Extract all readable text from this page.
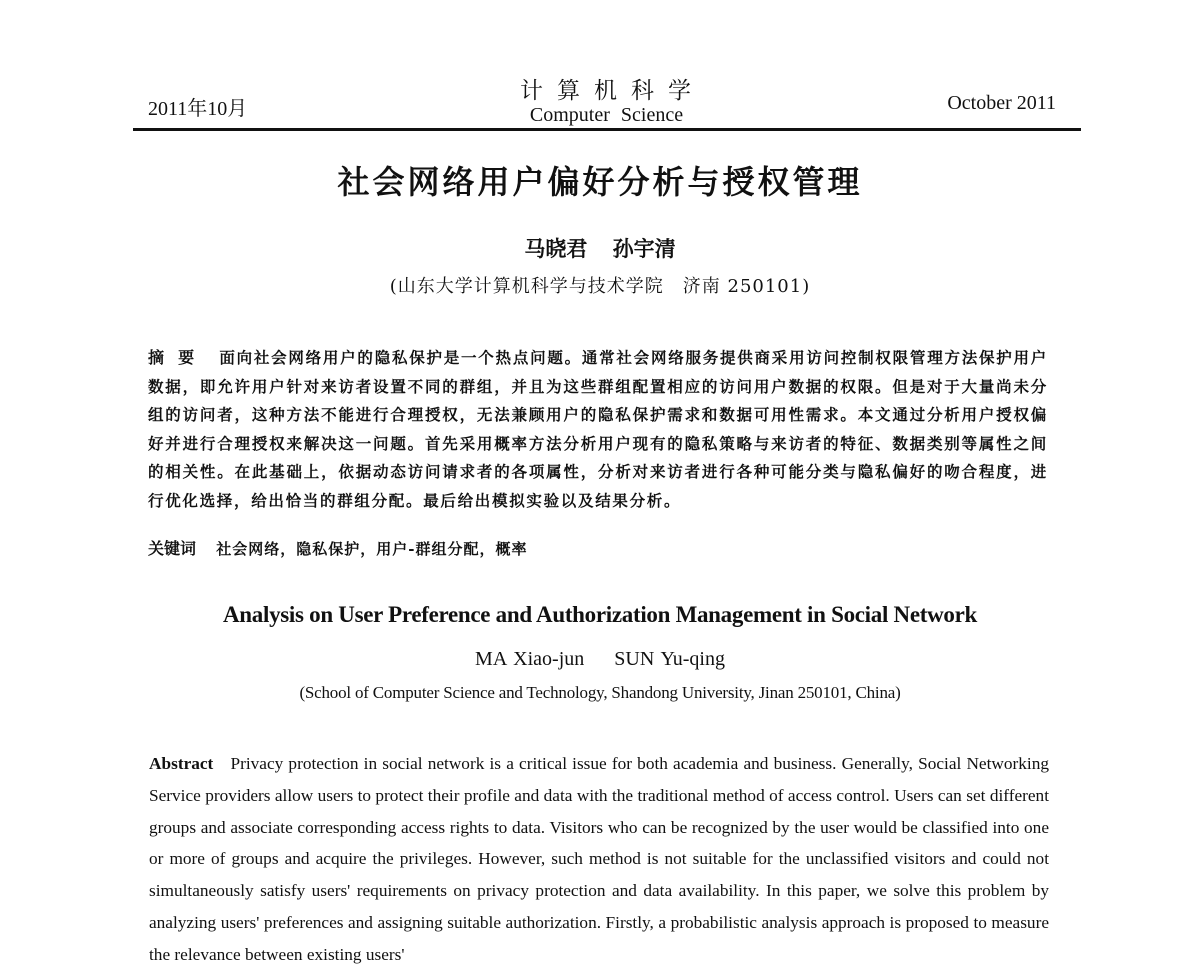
2011年10月
计算机科学
Computer Science
October 2011
社会网络用户偏好分析与授权管理
马晓君 孙宇清
(山东大学计算机科学与技术学院　济南 250101)
摘要 面向社会网络用户的隐私保护是一个热点问题。通常社会网络服务提供商采用访问控制权限管理方法保护用户数据，即允许用户针对来访者设置不同的群组，并且为这些群组配置相应的访问用户数据的权限。但是对于大量尚未分组的访问者，这种方法不能进行合理授权，无法兼顾用户的隐私保护需求和数据可用性需求。本文通过分析用户授权偏好并进行合理授权来解决这一问题。首先采用概率方法分析用户现有的隐私策略与来访者的特征、数据类别等属性之间的相关性。在此基础上，依据动态访问请求者的各项属性，分析对来访者进行各种可能分类与隐私偏好的吻合程度，进行优化选择，给出恰当的群组分配。最后给出模拟实验以及结果分析。
关键词 社会网络，隐私保护，用户-群组分配，概率
Analysis on User Preference and Authorization Management in Social Network
MA Xiao-jun SUN Yu-qing
(School of Computer Science and Technology, Shandong University, Jinan 250101, China)
Abstract Privacy protection in social network is a critical issue for both academia and business. Generally, Social Networking Service providers allow users to protect their profile and data with the traditional method of access control. Users can set different groups and associate corresponding access rights to data. Visitors who can be recognized by the user would be classified into one or more of groups and acquire the privileges. However, such method is not suitable for the unclassified visitors and could not simultaneously satisfy users' requirements on privacy protection and data availability. In this paper, we solve this problem by analyzing users' preferences and assigning suitable authorization. Firstly, a probabilistic analysis approach is proposed to measure the relevance between existing users'
